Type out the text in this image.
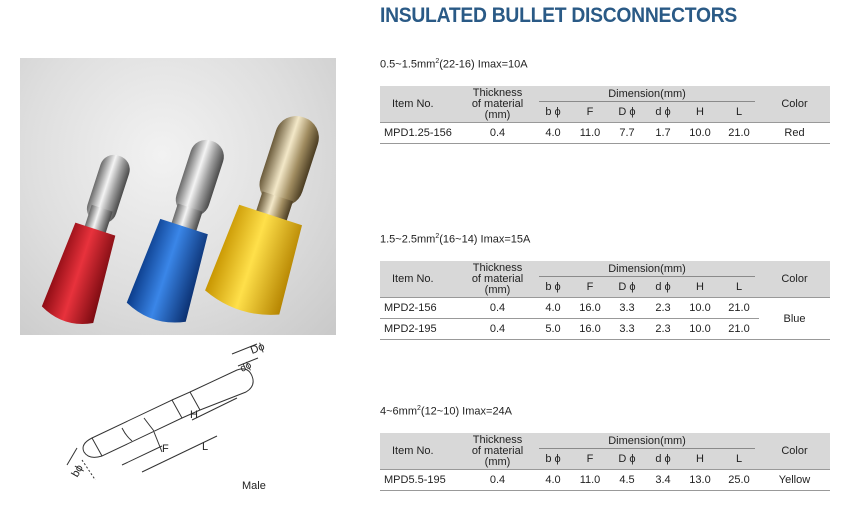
INSULATED BULLET DISCONNECTORS
H
F	L
dϕ
Dϕ
bϕ
Male
$0.5\sim 1.5mm^2(22-16)$ Imax=10A
$1.5\sim 2.5mm^2(16\sim 14)$ Imax=15A
$4\sim 6mm^2(12\sim 10)$ Imax=24A
Item No.	Thickness
of material
(mm)	Dimension(mm)						Color
		b ϕ	F	D ϕ	d ϕ	H	L	
MPD1.25-156	0.4	4.0	11.0	7.7	1.7	10.0	21.0	Red
Item No.	Thickness
of material
(mm)	Dimension(mm)						Color
		b ϕ	F	D ϕ	d ϕ	H	L	
MPD2-156	0.4	4.0	16.0	3.3	2.3	10.0	21.0	Blue
MPD2-195	0.4	5.0	16.0	3.3	2.3	10.0	21.0	
Item No.	Thickness
of material
(mm)	Dimension(mm)						Color
		b ϕ	F	D ϕ	d ϕ	H	L	
MPD5.5-195	0.4	4.0	11.0	4.5	3.4	13.0	25.0	Yellow
